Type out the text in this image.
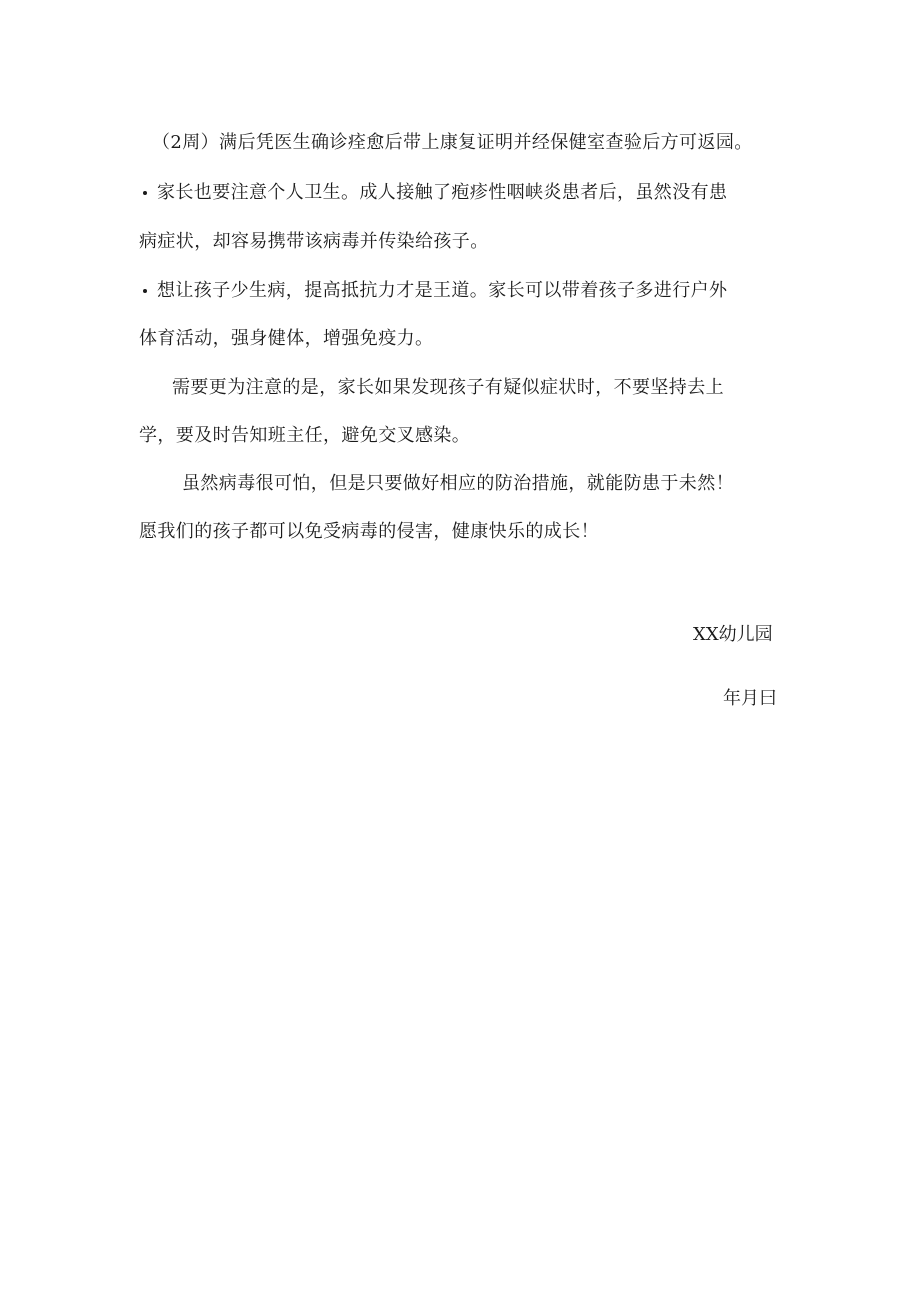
（2周）满后凭医生确诊痊愈后带上康复证明并经保健室查验后方可返园。
家长也要注意个人卫生。成人接触了疱疹性咽峡炎患者后，虽然没有患
病症状，却容易携带该病毒并传染给孩子。
想让孩子少生病，提高抵抗力才是王道。家长可以带着孩子多进行户外
体育活动，强身健体，增强免疫力。
需要更为注意的是，家长如果发现孩子有疑似症状时，不要坚持去上
学，要及时告知班主任，避免交叉感染。
虽然病毒很可怕，但是只要做好相应的防治措施，就能防患于未然！
愿我们的孩子都可以免受病毒的侵害，健康快乐的成长！
XX幼儿园
年月曰
